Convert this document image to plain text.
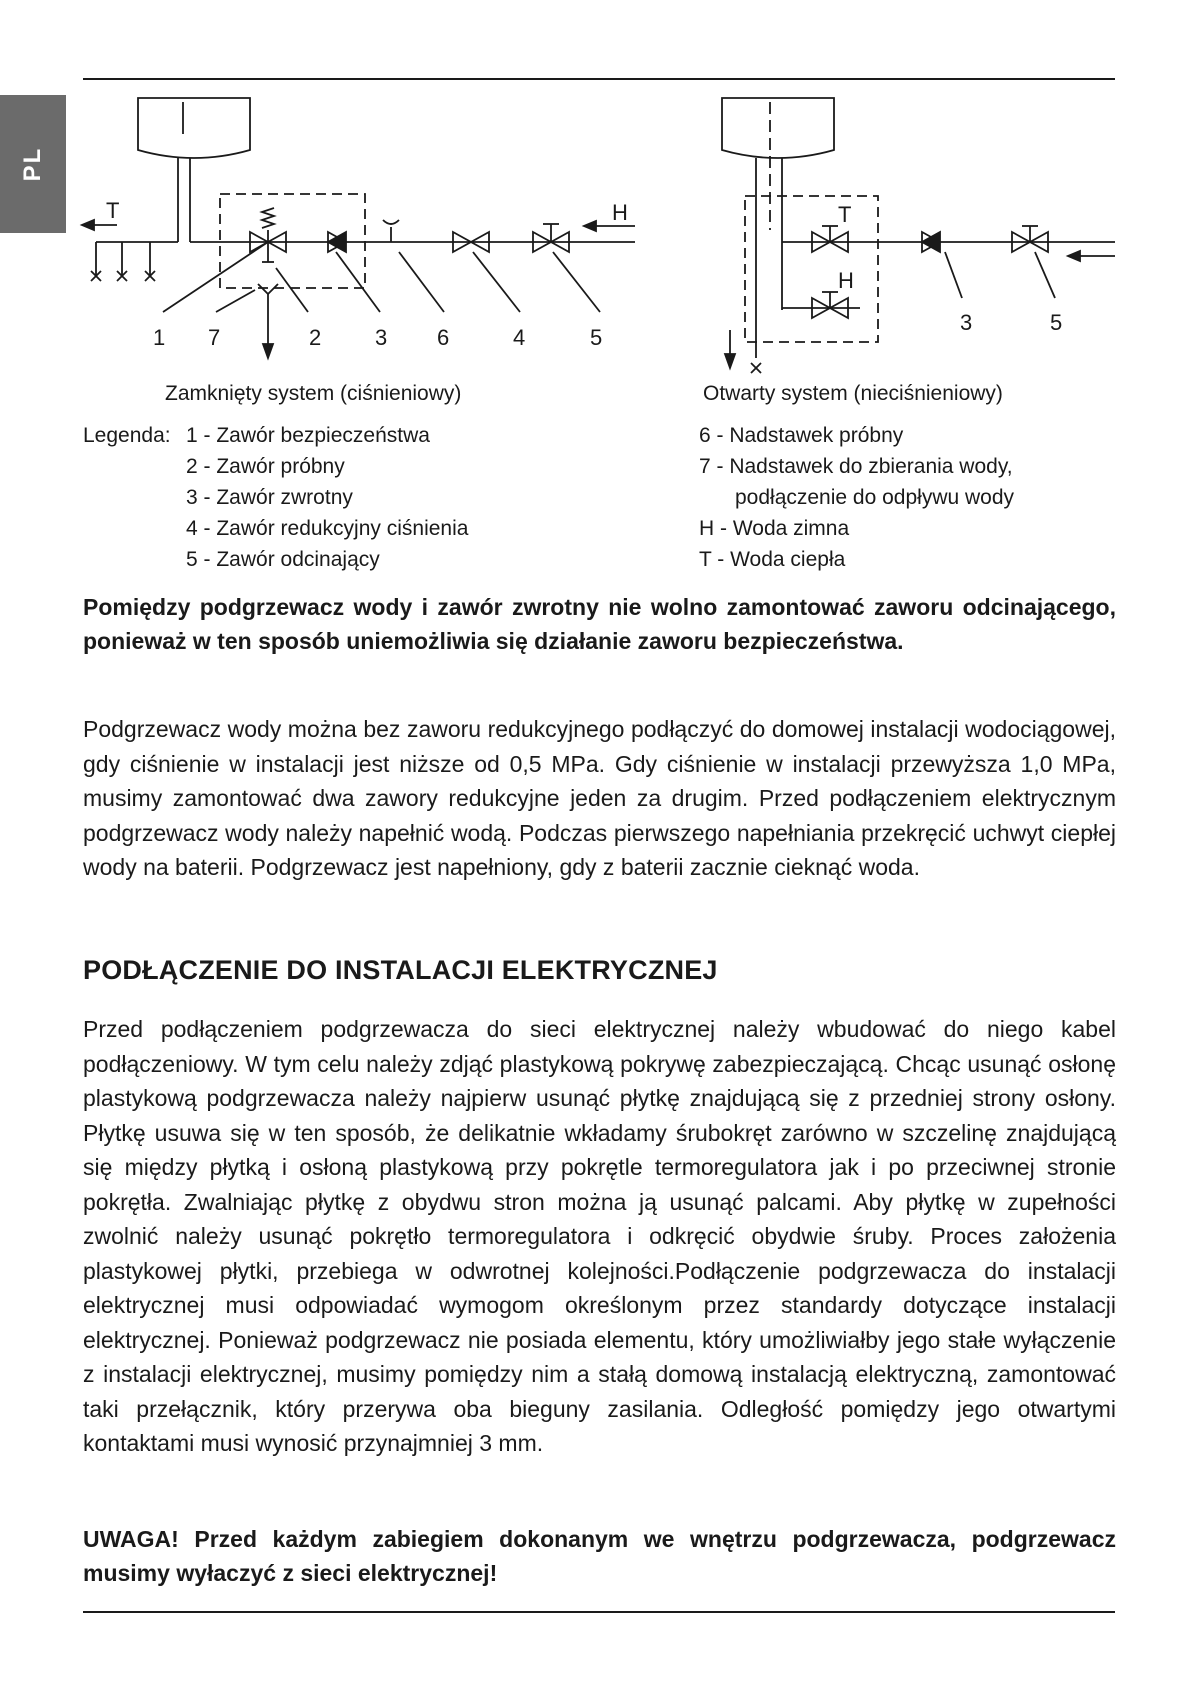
PL
T	H
1 7	2 3 6	4	5
T
H
3	5
Zamknięty system (ciśnieniowy)	Otwarty system (nieciśnieniowy)
Legenda: 1 - Zawór bezpieczeństwa
2 - Zawór próbny
3 - Zawór zwrotny
4 - Zawór redukcyjny ciśnienia
5 - Zawór odcinający
6 - Nadstawek próbny
7 - Nadstawek do zbierania wody,
podłączenie do odpływu wody
H - Woda zimna
T - Woda ciepła
Pomiędzy podgrzewacz wody i zawór zwrotny nie wolno zamontować zaworu odcinającego, ponieważ w ten sposób uniemożliwia się działanie zaworu bezpieczeństwa.
Podgrzewacz wody można bez zaworu redukcyjnego podłączyć do domowej instalacji wodociągowej, gdy ciśnienie w instalacji jest niższe od 0,5 MPa. Gdy ciśnienie w instalacji przewyższa 1,0 MPa, musimy zamontować dwa zawory redukcyjne jeden za drugim. Przed podłączeniem elektrycznym podgrzewacz wody należy napełnić wodą. Podczas pierwszego napełniania przekręcić uchwyt ciepłej wody na baterii. Podgrzewacz jest napełniony, gdy z baterii zacznie cieknąć woda.
PODŁĄCZENIE DO INSTALACJI ELEKTRYCZNEJ
Przed podłączeniem podgrzewacza do sieci elektrycznej należy wbudować do niego kabel podłączeniowy. W tym celu należy zdjąć plastykową pokrywę zabezpieczającą. Chcąc usunąć osłonę plastykową podgrzewacza należy najpierw usunąć płytkę znajdującą się z przedniej strony osłony. Płytkę usuwa się w ten sposób, że delikatnie wkładamy śrubokręt zarówno w szczelinę znajdującą się między płytką i osłoną plastykową przy pokrętle termoregulatora jak i po przeciwnej stronie pokrętła. Zwalniając płytkę z obydwu stron można ją usunąć palcami. Aby płytkę w zupełności zwolnić należy usunąć pokrętło termoregulatora i odkręcić obydwie śruby. Proces założenia plastykowej płytki, przebiega w odwrotnej kolejności.Podłączenie podgrzewacza do instalacji elektrycznej musi odpowiadać wymogom określonym przez standardy dotyczące instalacji elektrycznej. Ponieważ podgrzewacz nie posiada elementu, który umożliwiałby jego stałe wyłączenie z instalacji elektrycznej, musimy pomiędzy nim a stałą domową instalacją elektryczną, zamontować taki przełącznik, który przerywa oba bieguny zasilania. Odległość pomiędzy jego otwartymi kontaktami musi wynosić przynajmniej 3 mm.
UWAGA! Przed każdym zabiegiem dokonanym we wnętrzu podgrzewacza, podgrzewacz musimy wyłaczyć z sieci elektrycznej!
